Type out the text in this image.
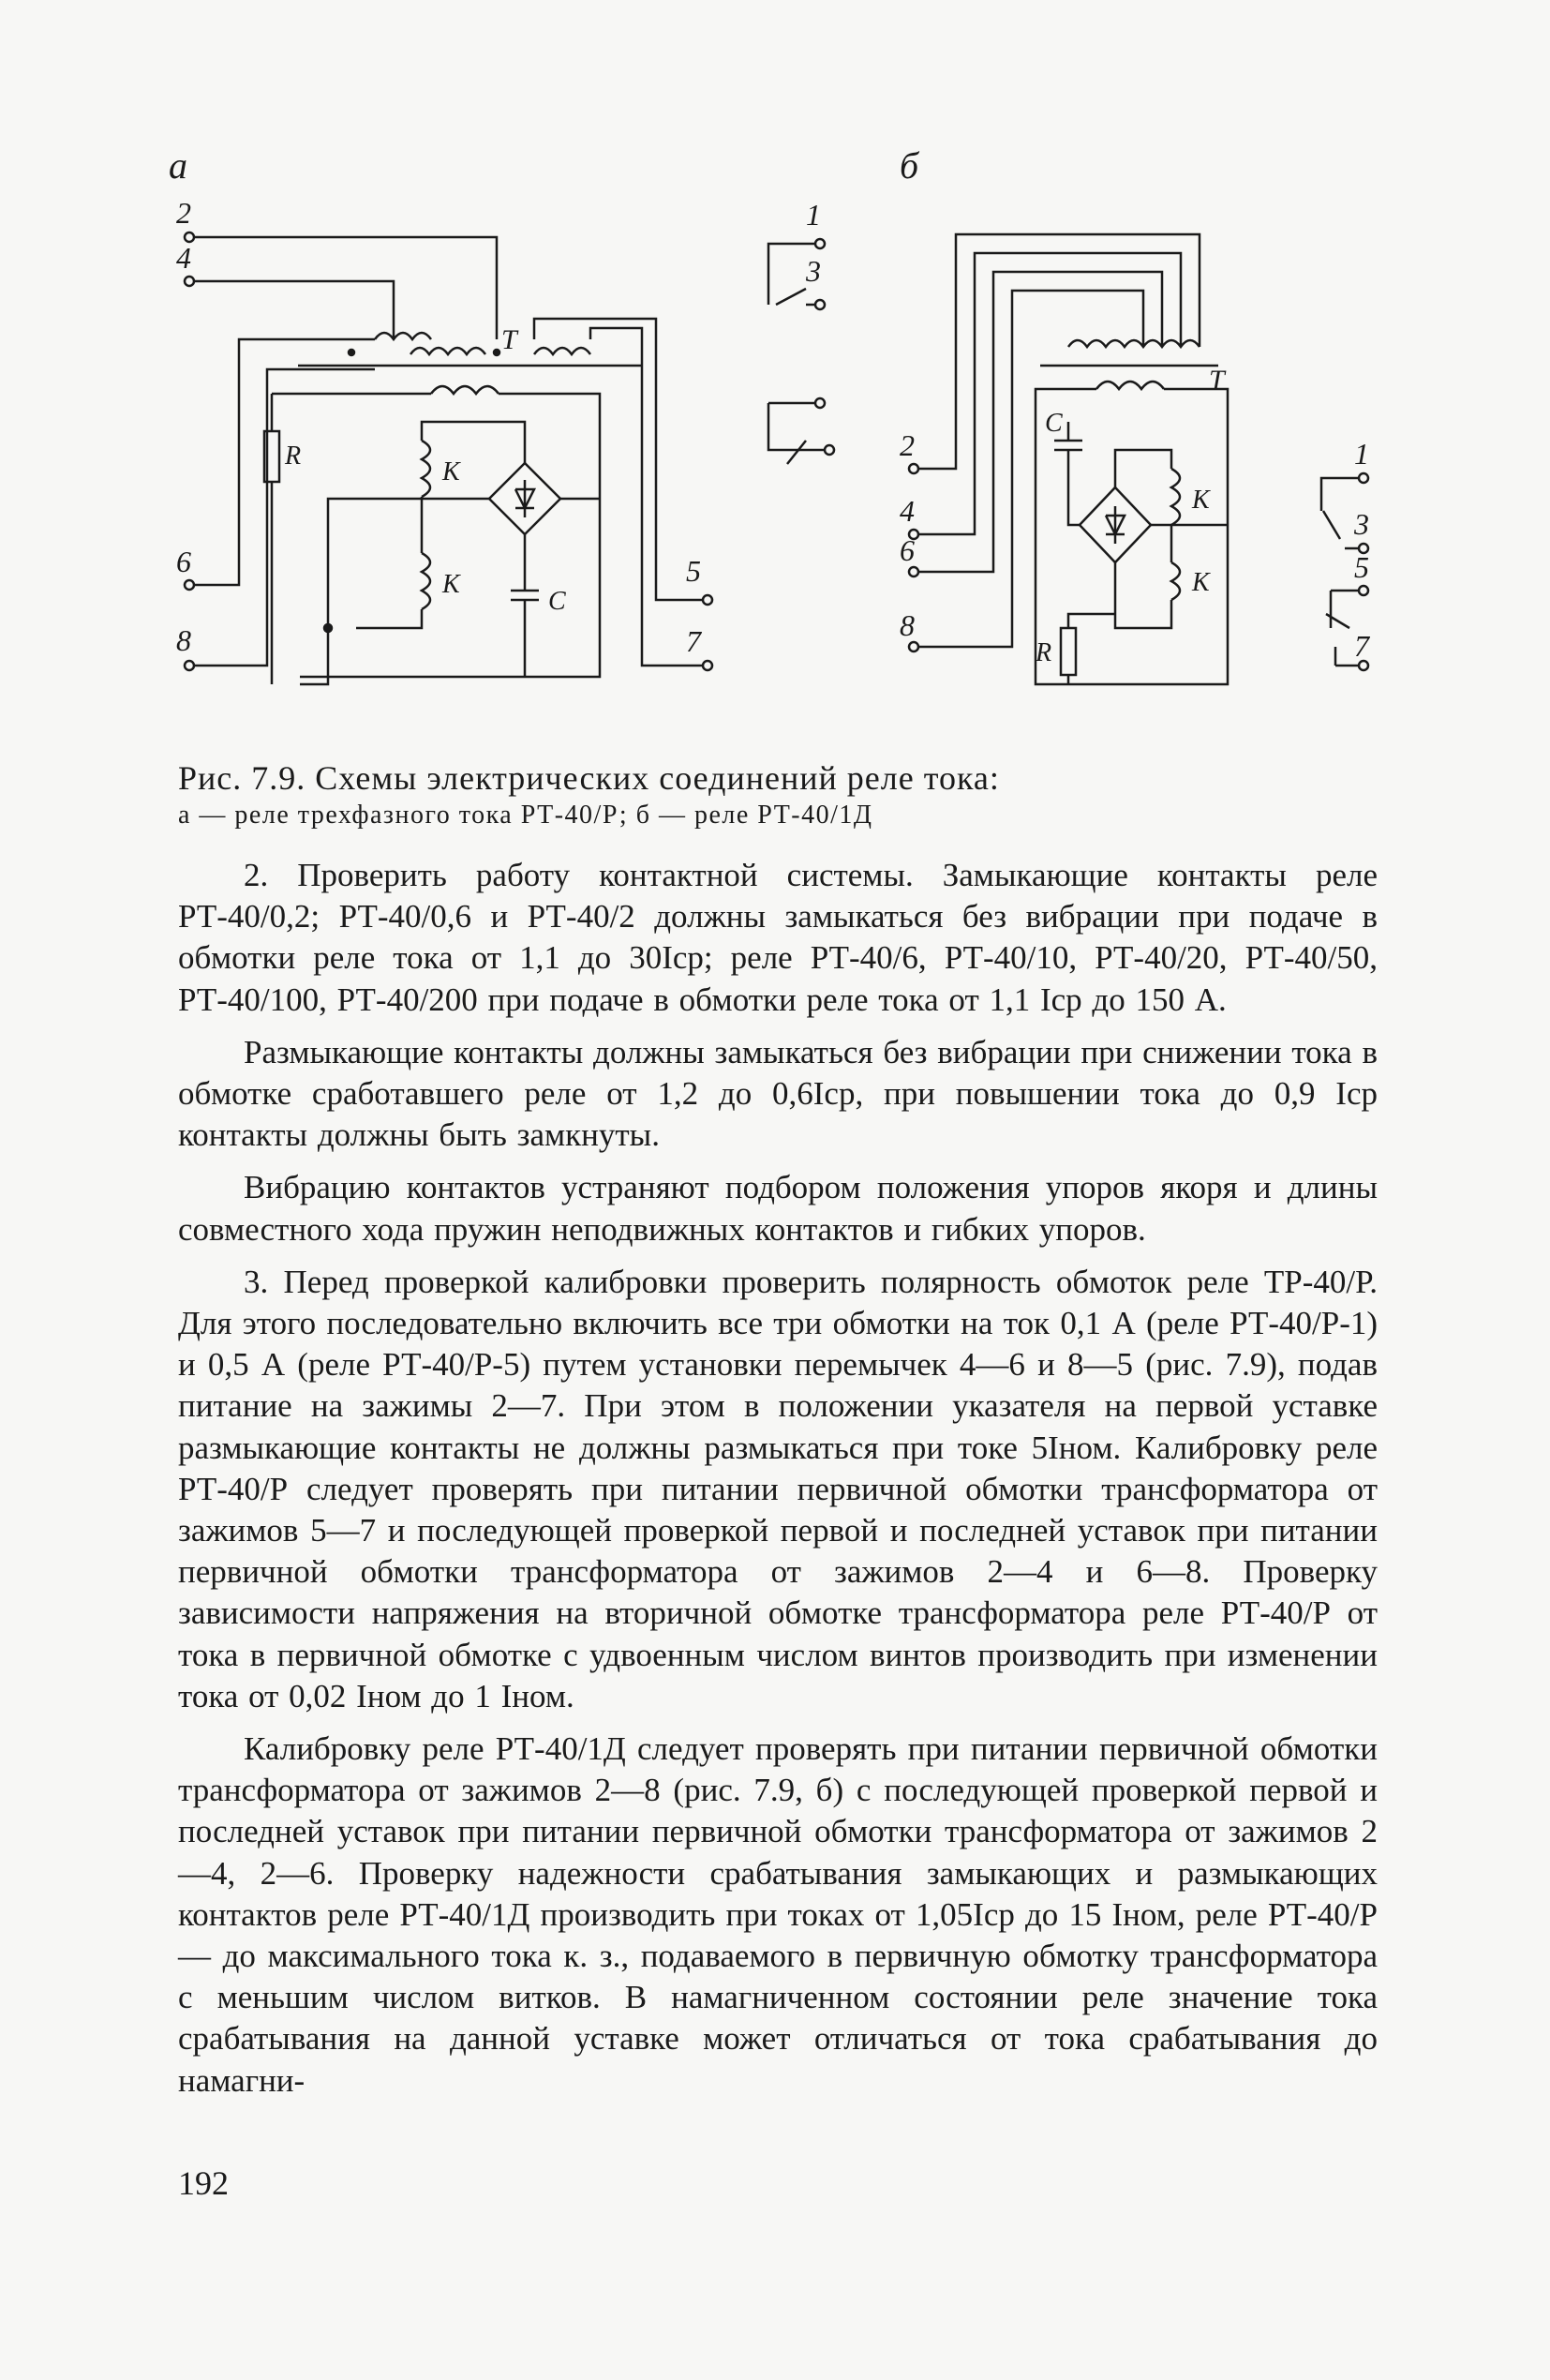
а
2
4
6
8
Т
5
7
R
К
К
С
1
3
б
2
4
6
8
Т
С
К
К
R
1
3
5
7
Рис. 7.9. Схемы электрических соединений реле тока:
а — реле трехфазного тока РТ-40/Р; б — реле РТ-40/1Д

2. Проверить работу контактной системы. Замыкающие контакты реле РТ-40/0,2; РТ-40/0,6 и РТ-40/2 должны замыкаться без вибрации при подаче в обмотки реле тока от 1,1 до 30Iср; реле РТ-40/6, РТ-40/10, РТ-40/20, РТ-40/50, РТ-40/100, РТ-40/200 при подаче в обмотки реле тока от 1,1 Iср до 150 А.

Размыкающие контакты должны замыкаться без вибрации при снижении тока в обмотке сработавшего реле от 1,2 до 0,6Iср, при повышении тока до 0,9 Iср контакты должны быть замкнуты.

Вибрацию контактов устраняют подбором положения упоров якоря и длины совместного хода пружин неподвижных контактов и гибких упоров.

3. Перед проверкой калибровки проверить полярность обмоток реле ТР-40/Р. Для этого последовательно включить все три обмотки на ток 0,1 А (реле РТ-40/Р-1) и 0,5 А (реле РТ-40/Р-5) путем установки перемычек 4—6 и 8—5 (рис. 7.9), подав питание на зажимы 2—7. При этом в положении указателя на первой уставке размыкающие контакты не должны размыкаться при токе 5Iном. Калибровку реле РТ-40/Р следует проверять при питании первичной обмотки трансформатора от зажимов 5—7 и последующей проверкой первой и последней уставок при питании первичной обмотки трансформатора от зажимов 2—4 и 6—8. Проверку зависимости напряжения на вторичной обмотке трансформатора реле РТ-40/Р от тока в первичной обмотке с удвоенным числом винтов производить при изменении тока от 0,02 Iном до 1 Iном.

Калибровку реле РТ-40/1Д следует проверять при питании первичной обмотки трансформатора от зажимов 2—8 (рис. 7.9, б) с последующей проверкой первой и последней уставок при питании первичной обмотки трансформатора от зажимов 2—4, 2—6. Проверку надежности срабатывания замыкающих и размыкающих контактов реле РТ-40/1Д производить при токах от 1,05Iср до 15 Iном, реле РТ-40/Р — до максимального тока к. з., подаваемого в первичную обмотку трансформатора с меньшим числом витков. В намагниченном состоянии реле значение тока срабатывания на данной уставке может отличаться от тока срабатывания до намагни-

192
